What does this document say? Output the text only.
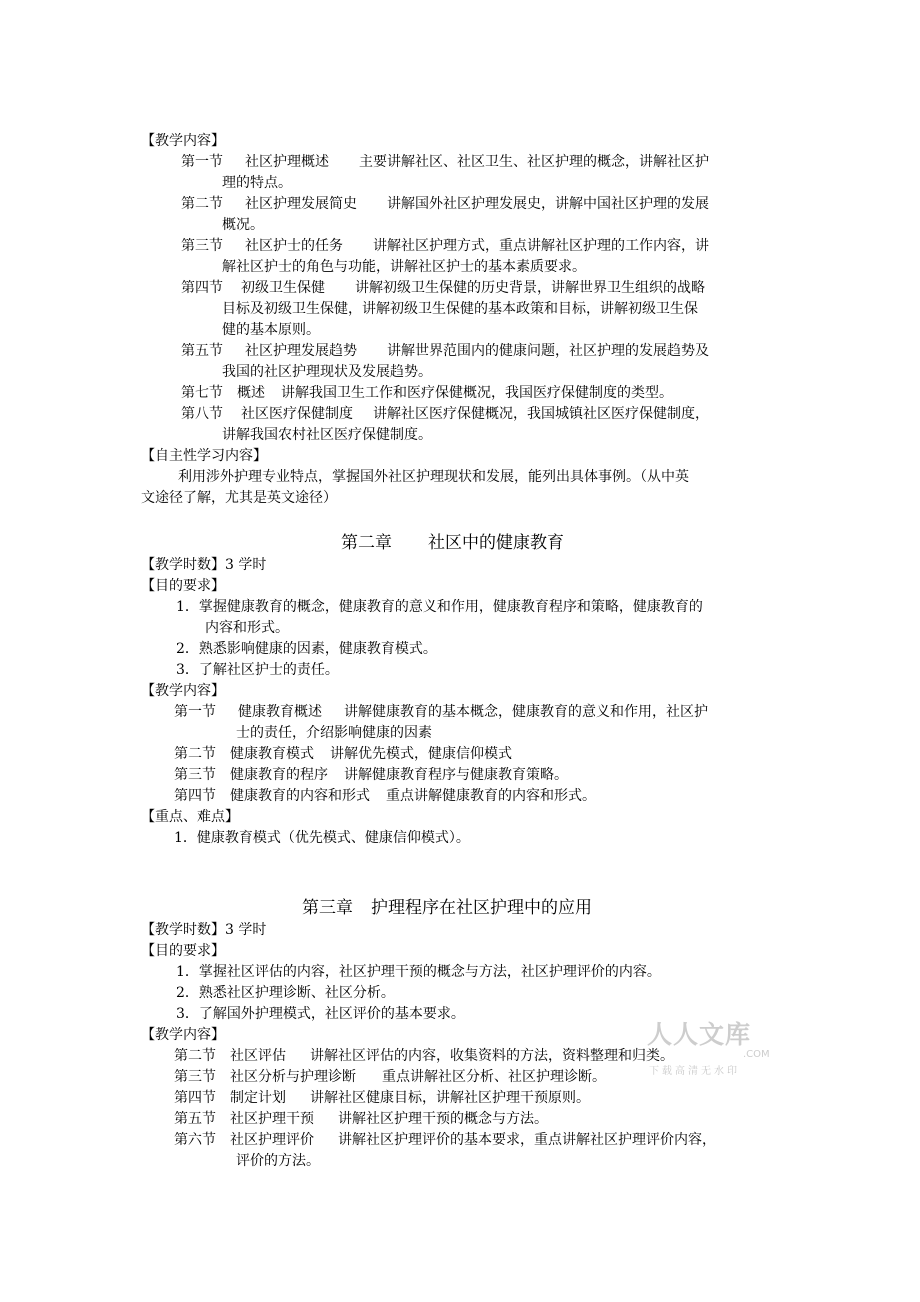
【教学内容】
第一节 社区护理概述 主要讲解社区、社区卫生、社区护理的概念，讲解社区护
理的特点。
第二节 社区护理发展简史 讲解国外社区护理发展史，讲解中国社区护理的发展
概况。
第三节 社区护士的任务 讲解社区护理方式，重点讲解社区护理的工作内容，讲
解社区护士的角色与功能，讲解社区护士的基本素质要求。
第四节 初级卫生保健 讲解初级卫生保健的历史背景，讲解世界卫生组织的战略
目标及初级卫生保健，讲解初级卫生保健的基本政策和目标，讲解初级卫生保
健的基本原则。
第五节 社区护理发展趋势 讲解世界范围内的健康问题，社区护理的发展趋势及
我国的社区护理现状及发展趋势。
第七节 概述 讲解我国卫生工作和医疗保健概况，我国医疗保健制度的类型。
第八节 社区医疗保健制度 讲解社区医疗保健概况，我国城镇社区医疗保健制度，
讲解我国农村社区医疗保健制度。
【自主性学习内容】
利用涉外护理专业特点，掌握国外社区护理现状和发展，能列出具体事例。（从中英
文途径了解，尤其是英文途径）
第二章 社区中的健康教育
【教学时数】3 学时
【目的要求】
1．掌握健康教育的概念，健康教育的意义和作用，健康教育程序和策略，健康教育的
内容和形式。
2．熟悉影响健康的因素，健康教育模式。
3．了解社区护士的责任。
【教学内容】
第一节 健康教育概述 讲解健康教育的基本概念，健康教育的意义和作用，社区护
士的责任，介绍影响健康的因素
第二节 健康教育模式 讲解优先模式，健康信仰模式
第三节 健康教育的程序 讲解健康教育程序与健康教育策略。
第四节 健康教育的内容和形式 重点讲解健康教育的内容和形式。
【重点、难点】
1．健康教育模式（优先模式、健康信仰模式）。
第三章 护理程序在社区护理中的应用
【教学时数】3 学时
【目的要求】
1．掌握社区评估的内容，社区护理干预的概念与方法，社区护理评价的内容。
2．熟悉社区护理诊断、社区分析。
3．了解国外护理模式，社区评价的基本要求。
【教学内容】
第二节 社区评估 讲解社区评估的内容，收集资料的方法，资料整理和归类。
第三节 社区分析与护理诊断 重点讲解社区分析、社区护理诊断。
第四节 制定计划 讲解社区健康目标，讲解社区护理干预原则。
第五节 社区护理干预 讲解社区护理干预的概念与方法。
第六节 社区护理评价 讲解社区护理评价的基本要求，重点讲解社区护理评价内容，
评价的方法。
人人文库
.COM
下载高清无水印
